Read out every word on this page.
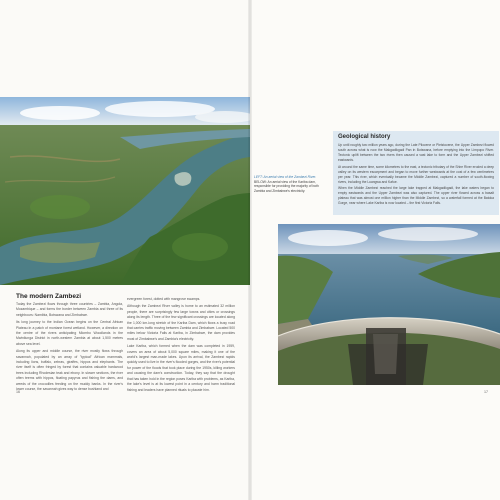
The modern Zambezi

Today the Zambezi flows through three countries – Zambia, Angola, Mozambique – and forms the border between Zambia and three of its neighbours: Namibia, Botswana and Zimbabwe.

Its long journey to the Indian Ocean begins on the Central African Plateau in a patch of montane forest wetland. However, a direction on the centre of the rivers anticipating Miombo Woodlands in the Mwinilunga District in north-western Zambia at about 1,500 metres above sea level.

Along its upper and middle course, the river mostly flows through savannah, populated by an array of "typical" African mammals, including lions, buffalo, zebras, giraffes, hippos and elephants. The river itself is often fringed by forest that contains valuable hardwood trees including Rhodesian teak and ebony. In slower sections, the river often teems with hippos, floating papyrus and fishing the dams, and weeds of the crocodiles feeding on the muddy banks. In the river's lower course, the savannah gives way to dense bushland and

evergreen forest, dotted with mangrove swamps.

Although the Zambezi River valley is home to an estimated 32 million people, there are surprisingly few large towns and cities or crossings along its length. Three of the few significant crossings are located along the 1,000 km-long stretch of the Kariba Dam, which flows a busy road that carries traffic moving between Zambia and Zimbabwe. Located 500 miles below Victoria Falls at Kariba, in Zimbabwe, the dam provides most of Zimbabwe's and Zambia's electricity.

Lake Kariba, which formed when the dam was completed in 1959, covers an area of about 5,000 square miles, making it one of the world's largest man-made lakes. Upon its arrival, the Zambezi rapids quickly used to live in the river's flooded gorges, and the river's potential for power of the floods that took place during the 1950s, killing workers and causing the dam's construction. Today, they say that the drought that has taken hold in the region poses Kariba with problems, as Kariba, the lake's level is at its lowest point in a century and harm traditional fishing and leaders have planned rituals to placate him.

16	17
LEFT: An aerial view of the Zambezi River.
BELOW: An aerial view of the Kariba dam, responsible for providing the majority of both Zambia and Zimbabwe's electricity.
Geological history

Up until roughly two million years ago, during the Late Pliocene or Pleistocene, the Upper Zambezi flowed south across what is now the Makgadikgadi Pan in Botswana, before emptying into the Limpopo River. Tectonic uplift between the two rivers then caused a vast lake to form and the Upper Zambezi shifted eastwards.

At around the same time, some kilometres to the east, a tectonic tributary of the Shire River eroded a deep valley on its western escarpment and began to move further westwards at the cost of a few centimetres per year. This river, which eventually became the Middle Zambezi, captured a number of south-flowing rivers, including the Luangwa and Kafue.

When the Middle Zambezi reached the large lake trapped at Makgadikgadi, the lake waters began to empty eastwards and the Upper Zambezi was also captured. The upper river flowed across a basalt plateau that was almost one million higher than the Middle Zambezi, so a waterfall formed at the Batoka Gorge, near where Lake Kariba is now located – the first Victoria Falls.
